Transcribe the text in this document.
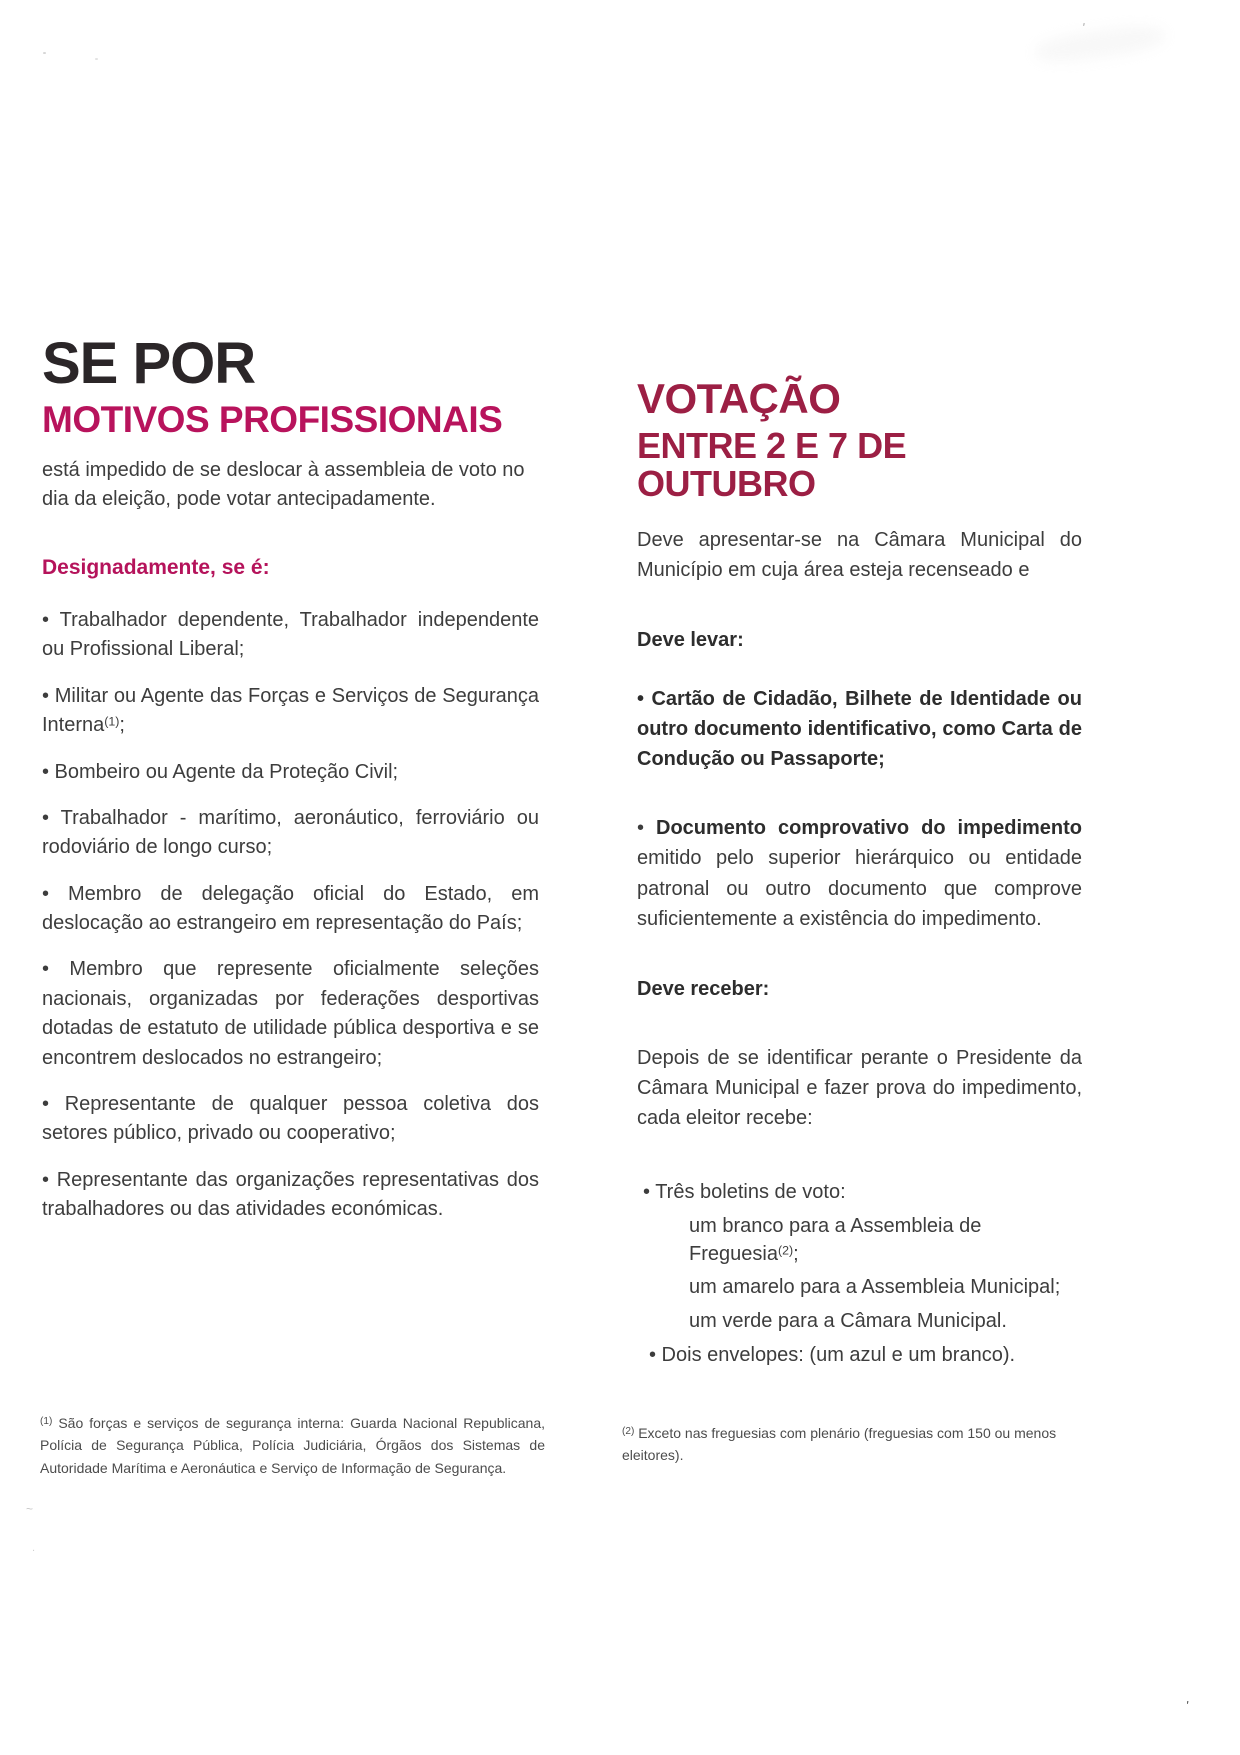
SE POR
MOTIVOS PROFISSIONAIS

está impedido de se deslocar à assembleia de voto no dia da eleição, pode votar antecipadamente.

Designadamente, se é:

• Trabalhador dependente, Trabalhador independente ou Profissional Liberal;

• Militar ou Agente das Forças e Serviços de Segurança Interna$^{(1)}$;

• Bombeiro ou Agente da Proteção Civil;

• Trabalhador - marítimo, aeronáutico, ferroviário ou rodoviário de longo curso;

• Membro de delegação oficial do Estado, em deslocação ao estrangeiro em representação do País;

• Membro que represente oficialmente seleções nacionais, organizadas por federações desportivas dotadas de estatuto de utilidade pública desportiva e se encontrem deslocados no estrangeiro;

• Representante de qualquer pessoa coletiva dos setores público, privado ou cooperativo;

• Representante das organizações representativas dos trabalhadores ou das atividades económicas.

VOTAÇÃO
ENTRE 2 E 7 DE OUTUBRO

Deve apresentar-se na Câmara Municipal do Município em cuja área esteja recenseado e

Deve levar:

• Cartão de Cidadão, Bilhete de Identidade ou outro documento identificativo, como Carta de Condução ou Passaporte;

• Documento comprovativo do impedimento emitido pelo superior hierárquico ou entidade patronal ou outro documento que comprove suficientemente a existência do impedimento.

Deve receber:

Depois de se identificar perante o Presidente da Câmara Municipal e fazer prova do impedimento, cada eleitor recebe:

• Três boletins de voto:

um branco para a Assembleia de Freguesia$^{(2)}$;

um amarelo para a Assembleia Municipal;

um verde para a Câmara Municipal.

• Dois envelopes: (um azul e um branco).

$^{(1)}$ São forças e serviços de segurança interna: Guarda Nacional Republicana, Polícia de Segurança Pública, Polícia Judiciária, Órgãos dos Sistemas de Autoridade Marítima e Aeronáutica e Serviço de Informação de Segurança.

$^{(2)}$ Exceto nas freguesias com plenário (freguesias com 150 ou menos eleitores).

'
'
~
.
